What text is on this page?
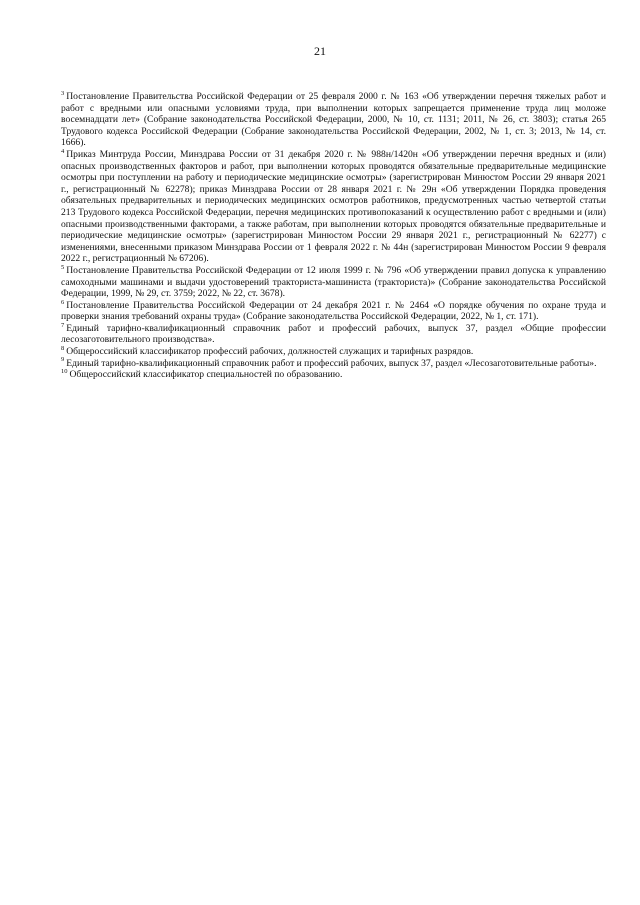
21

$^3$ Постановление Правительства Российской Федерации от 25 февраля 2000 г. № 163 «Об утверждении перечня тяжелых работ и работ с вредными или опасными условиями труда, при выполнении которых запрещается применение труда лиц моложе восемнадцати лет» (Собрание законодательства Российской Федерации, 2000, № 10, ст. 1131; 2011, № 26, ст. 3803); статья 265 Трудового кодекса Российской Федерации (Собрание законодательства Российской Федерации, 2002, № 1, ст. 3; 2013, № 14, ст. 1666).

$^4$ Приказ Минтруда России, Минздрава России от 31 декабря 2020 г. № 988н/1420н «Об утверждении перечня вредных и (или) опасных производственных факторов и работ, при выполнении которых проводятся обязательные предварительные медицинские осмотры при поступлении на работу и периодические медицинские осмотры» (зарегистрирован Минюстом России 29 января 2021 г., регистрационный № 62278); приказ Минздрава России от 28 января 2021 г. № 29н «Об утверждении Порядка проведения обязательных предварительных и периодических медицинских осмотров работников, предусмотренных частью четвертой статьи 213 Трудового кодекса Российской Федерации, перечня медицинских противопоказаний к осуществлению работ с вредными и (или) опасными производственными факторами, а также работам, при выполнении которых проводятся обязательные предварительные и периодические медицинские осмотры» (зарегистрирован Минюстом России 29 января 2021 г., регистрационный № 62277) с изменениями, внесенными приказом Минздрава России от 1 февраля 2022 г. № 44н (зарегистрирован Минюстом России 9 февраля 2022 г., регистрационный № 67206).

$^5$ Постановление Правительства Российской Федерации от 12 июля 1999 г. № 796 «Об утверждении правил допуска к управлению самоходными машинами и выдачи удостоверений тракториста-машиниста (тракториста)» (Собрание законодательства Российской Федерации, 1999, № 29, ст. 3759; 2022, № 22, ст. 3678).

$^6$ Постановление Правительства Российской Федерации от 24 декабря 2021 г. № 2464 «О порядке обучения по охране труда и проверки знания требований охраны труда» (Собрание законодательства Российской Федерации, 2022, № 1, ст. 171).

$^7$ Единый тарифно-квалификационный справочник работ и профессий рабочих, выпуск 37, раздел «Общие профессии лесозаготовительного производства».

$^8$ Общероссийский классификатор профессий рабочих, должностей служащих и тарифных разрядов.

$^9$ Единый тарифно-квалификационный справочник работ и профессий рабочих, выпуск 37, раздел «Лесозаготовительные работы».

$^{10}$ Общероссийский классификатор специальностей по образованию.
